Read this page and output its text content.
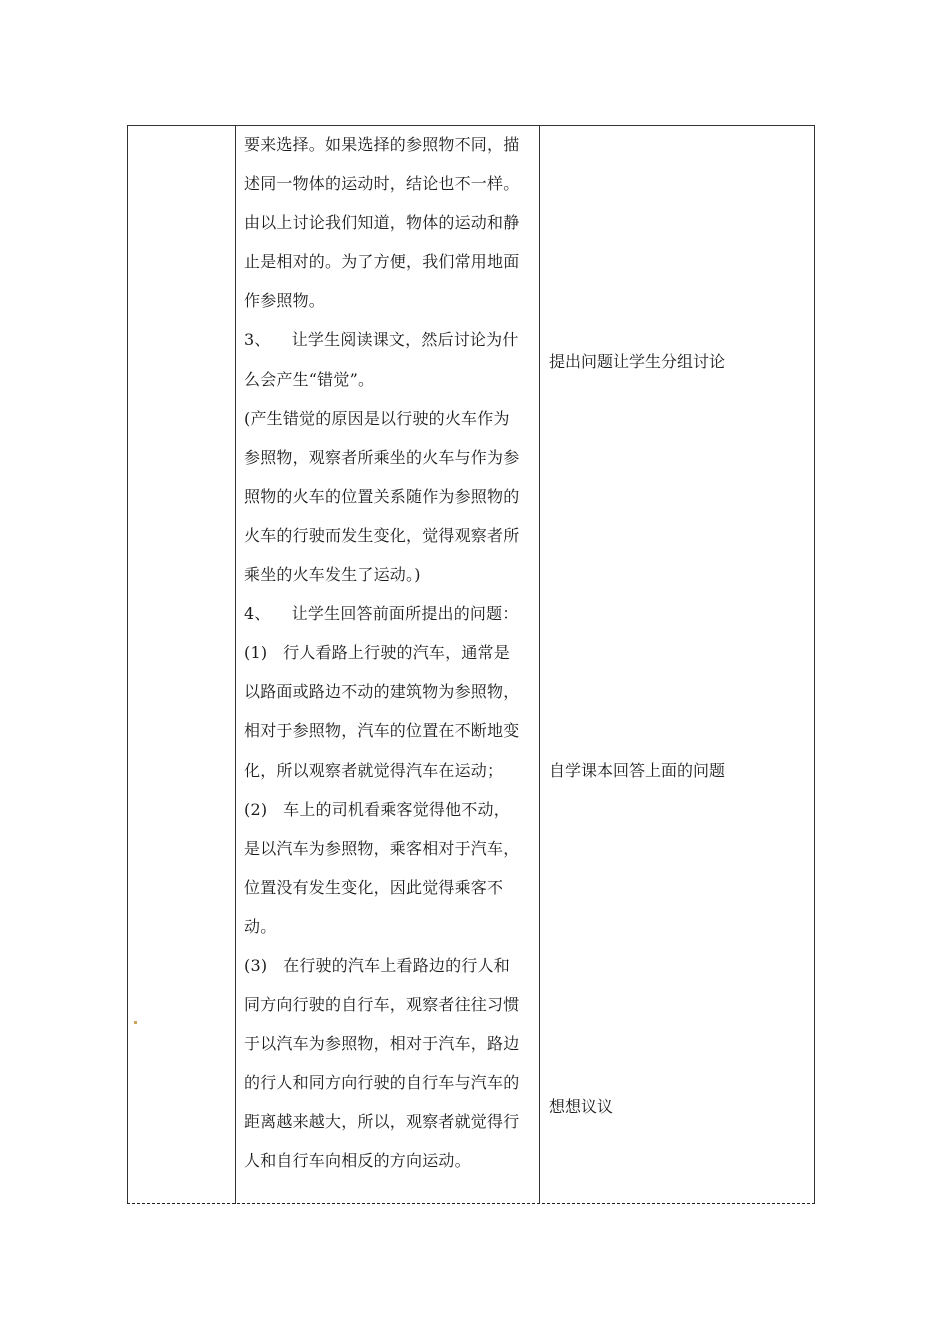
要来选择。如果选择的参照物不同，描
述同一物体的运动时，结论也不一样。
由以上讨论我们知道，物体的运动和静
止是相对的。为了方便，我们常用地面
作参照物。
3、    让学生阅读课文，然后讨论为什
么会产生“错觉”。
(产生错觉的原因是以行驶的火车作为
参照物，观察者所乘坐的火车与作为参
照物的火车的位置关系随作为参照物的
火车的行驶而发生变化，觉得观察者所
乘坐的火车发生了运动。)
4、    让学生回答前面所提出的问题：
(1)   行人看路上行驶的汽车，通常是
以路面或路边不动的建筑物为参照物，
相对于参照物，汽车的位置在不断地变
化，所以观察者就觉得汽车在运动；
(2)   车上的司机看乘客觉得他不动，
是以汽车为参照物，乘客相对于汽车，
位置没有发生变化，因此觉得乘客不
动。
(3)   在行驶的汽车上看路边的行人和
同方向行驶的自行车，观察者往往习惯
于以汽车为参照物，相对于汽车，路边
的行人和同方向行驶的自行车与汽车的
距离越来越大，所以，观察者就觉得行
人和自行车向相反的方向运动。
提出问题让学生分组讨论
自学课本回答上面的问题
想想议议
